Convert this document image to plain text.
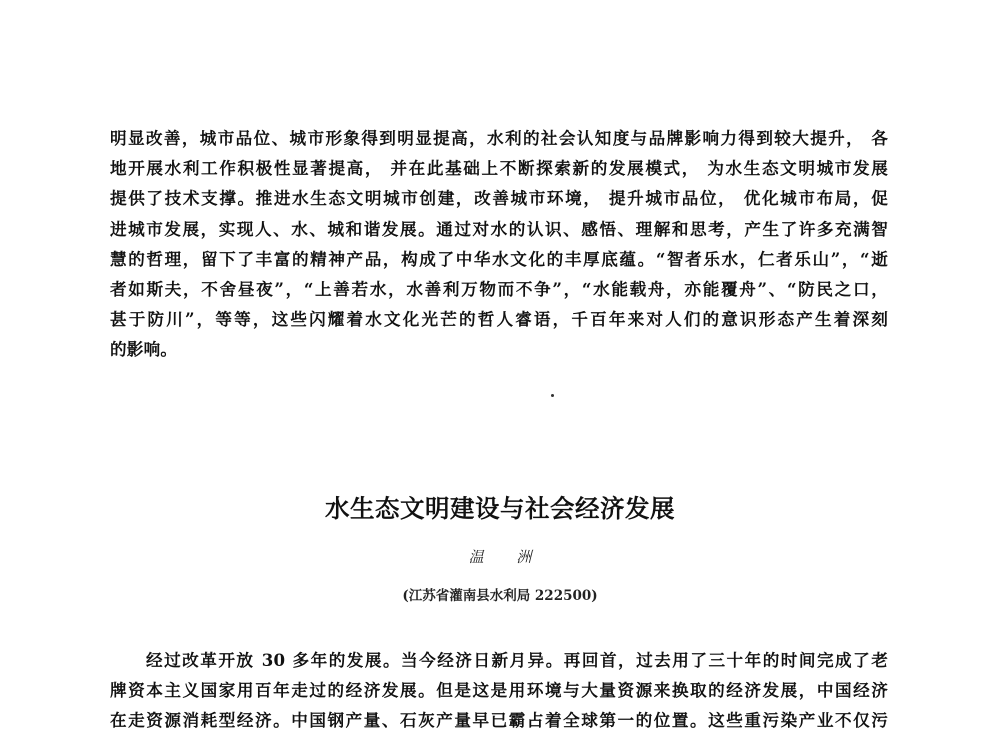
明显改善，城市品位、城市形象得到明显提高，水利的社会认知度与品牌影响力得到较大提升， 各
地开展水利工作积极性显著提高， 并在此基础上不断探索新的发展模式， 为水生态文明城市发展
提供了技术支撑。推进水生态文明城市创建，改善城市环境， 提升城市品位， 优化城市布局，促
进城市发展，实现人、水、城和谐发展。通过对水的认识、感悟、理解和思考，产生了许多充满智
慧的哲理，留下了丰富的精神产品，构成了中华水文化的丰厚底蕴。“智者乐水，仁者乐山”，“逝
者如斯夫，不舍昼夜”，“上善若水，水善利万物而不争”，“水能载舟，亦能覆舟”、“防民之口，
甚于防川”，等等，这些闪耀着水文化光芒的哲人睿语，千百年来对人们的意识形态产生着深刻
的影响。
水生态文明建设与社会经济发展
温 洲
(江苏省灌南县水利局 222500)
经过改革开放 30 多年的发展。当今经济日新月异。再回首，过去用了三十年的时间完成了老
牌资本主义国家用百年走过的经济发展。但是这是用环境与大量资源来换取的经济发展，中国经济
在走资源消耗型经济。中国钢产量、石灰产量早已霸占着全球第一的位置。这些重污染产业不仅污
